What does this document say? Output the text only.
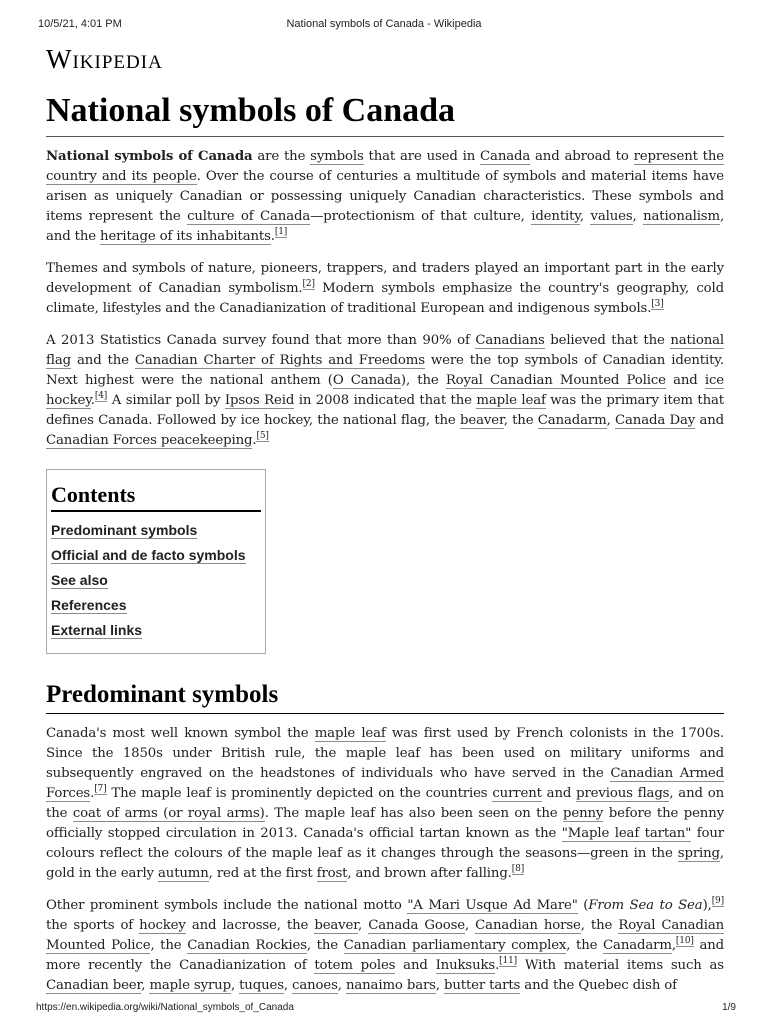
10/5/21, 4:01 PM	National symbols of Canada - Wikipedia
Wikipedia
National symbols of Canada

National symbols of Canada are the symbols that are used in Canada and abroad to represent the country and its people. Over the course of centuries a multitude of symbols and material items have arisen as uniquely Canadian or possessing uniquely Canadian characteristics. These symbols and items represent the culture of Canada—protectionism of that culture, identity, values, nationalism, and the heritage of its inhabitants.[1]

Themes and symbols of nature, pioneers, trappers, and traders played an important part in the early development of Canadian symbolism.[2] Modern symbols emphasize the country's geography, cold climate, lifestyles and the Canadianization of traditional European and indigenous symbols.[3]

A 2013 Statistics Canada survey found that more than 90% of Canadians believed that the national flag and the Canadian Charter of Rights and Freedoms were the top symbols of Canadian identity. Next highest were the national anthem (O Canada), the Royal Canadian Mounted Police and ice hockey.[4] A similar poll by Ipsos Reid in 2008 indicated that the maple leaf was the primary item that defines Canada. Followed by ice hockey, the national flag, the beaver, the Canadarm, Canada Day and Canadian Forces peacekeeping.[5]

Contents
Predominant symbols
Official and de facto symbols
See also
References
External links
Predominant symbols

Canada's most well known symbol the maple leaf was first used by French colonists in the 1700s. Since the 1850s under British rule, the maple leaf has been used on military uniforms and subsequently engraved on the headstones of individuals who have served in the Canadian Armed Forces.[7] The maple leaf is prominently depicted on the countries current and previous flags, and on the coat of arms (or royal arms). The maple leaf has also been seen on the penny before the penny officially stopped circulation in 2013. Canada's official tartan known as the "Maple leaf tartan" four colours reflect the colours of the maple leaf as it changes through the seasons—green in the spring, gold in the early autumn, red at the first frost, and brown after falling.[8]

Other prominent symbols include the national motto "A Mari Usque Ad Mare" (From Sea to Sea),[9] the sports of hockey and lacrosse, the beaver, Canada Goose, Canadian horse, the Royal Canadian Mounted Police, the Canadian Rockies, the Canadian parliamentary complex, the Canadarm,[10] and more recently the Canadianization of totem poles and Inuksuks.[11] With material items such as Canadian beer, maple syrup, tuques, canoes, nanaimo bars, butter tarts and the Quebec dish of

https://en.wikipedia.org/wiki/National_symbols_of_Canada	1/9
